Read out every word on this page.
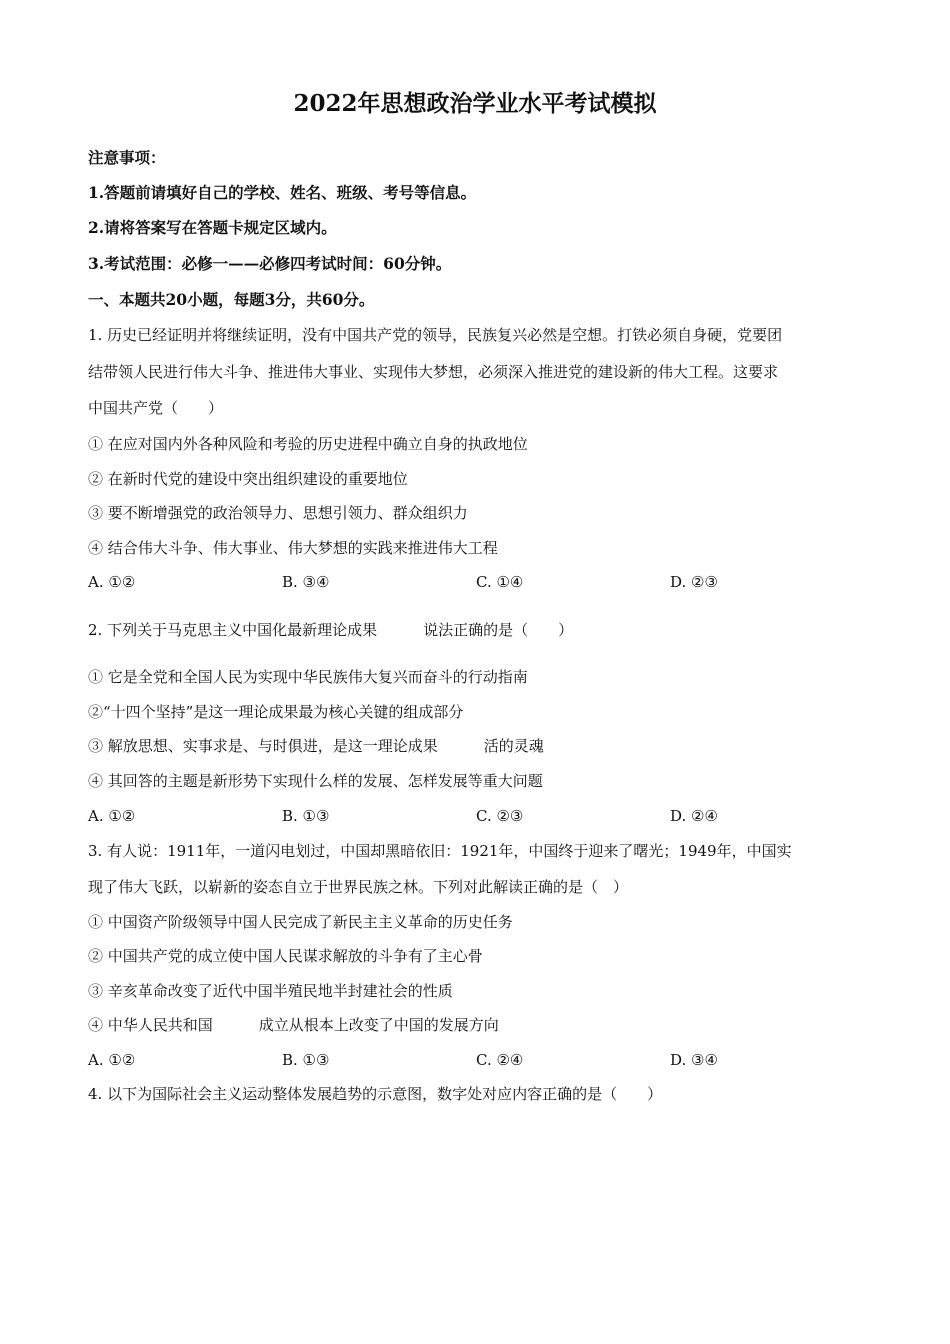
2022年思想政治学业水平考试模拟
注意事项：
1.答题前请填好自己的学校、姓名、班级、考号等信息。
2.请将答案写在答题卡规定区域内。
3.考试范围：必修一——必修四考试时间：60分钟。
一、本题共20小题，每题3分，共60分。
1. 历史已经证明并将继续证明，没有中国共产党的领导，民族复兴必然是空想。打铁必须自身硬，党要团
结带领人民进行伟大斗争、推进伟大事业、实现伟大梦想，必须深入推进党的建设新的伟大工程。这要求
中国共产党（　　）
① 在应对国内外各种风险和考验的历史进程中确立自身的执政地位
② 在新时代党的建设中突出组织建设的重要地位
③ 要不断增强党的政治领导力、思想引领力、群众组织力
④ 结合伟大斗争、伟大事业、伟大梦想的实践来推进伟大工程
A. ①②	B. ③④	C. ①④	D. ②③
2. 下列关于马克思主义中国化最新理论成果	说法正确的是（　　）
① 它是全党和全国人民为实现中华民族伟大复兴而奋斗的行动指南
②“十四个坚持”是这一理论成果最为核心关键的组成部分
③ 解放思想、实事求是、与时俱进，是这一理论成果	活的灵魂
④ 其回答的主题是新形势下实现什么样的发展、怎样发展等重大问题
A. ①②	B. ①③	C. ②③	D. ②④
3. 有人说：1911年，一道闪电划过，中国却黑暗依旧：1921年，中国终于迎来了曙光；1949年，中国实
现了伟大飞跃，以崭新的姿态自立于世界民族之林。下列对此解读正确的是（　）
① 中国资产阶级领导中国人民完成了新民主主义革命的历史任务
② 中国共产党的成立使中国人民谋求解放的斗争有了主心骨
③ 辛亥革命改变了近代中国半殖民地半封建社会的性质
④ 中华人民共和国	成立从根本上改变了中国的发展方向
A. ①②	B. ①③	C. ②④	D. ③④
4. 以下为国际社会主义运动整体发展趋势的示意图，数字处对应内容正确的是（　　）
